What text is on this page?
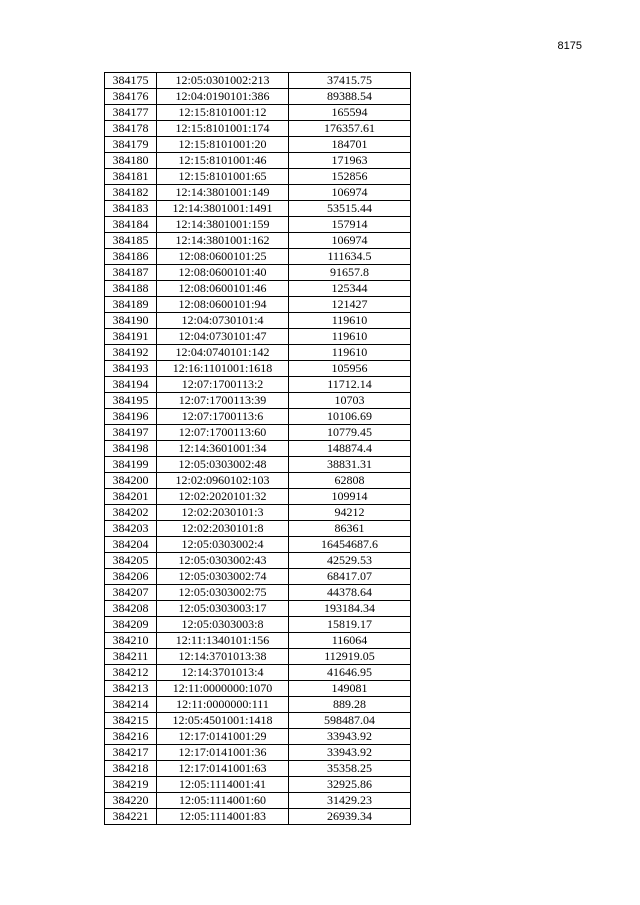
8175
384175	12:05:0301002:213	37415.75
384176	12:04:0190101:386	89388.54
384177	12:15:8101001:12	165594
384178	12:15:8101001:174	176357.61
384179	12:15:8101001:20	184701
384180	12:15:8101001:46	171963
384181	12:15:8101001:65	152856
384182	12:14:3801001:149	106974
384183	12:14:3801001:1491	53515.44
384184	12:14:3801001:159	157914
384185	12:14:3801001:162	106974
384186	12:08:0600101:25	111634.5
384187	12:08:0600101:40	91657.8
384188	12:08:0600101:46	125344
384189	12:08:0600101:94	121427
384190	12:04:0730101:4	119610
384191	12:04:0730101:47	119610
384192	12:04:0740101:142	119610
384193	12:16:1101001:1618	105956
384194	12:07:1700113:2	11712.14
384195	12:07:1700113:39	10703
384196	12:07:1700113:6	10106.69
384197	12:07:1700113:60	10779.45
384198	12:14:3601001:34	148874.4
384199	12:05:0303002:48	38831.31
384200	12:02:0960102:103	62808
384201	12:02:2020101:32	109914
384202	12:02:2030101:3	94212
384203	12:02:2030101:8	86361
384204	12:05:0303002:4	16454687.6
384205	12:05:0303002:43	42529.53
384206	12:05:0303002:74	68417.07
384207	12:05:0303002:75	44378.64
384208	12:05:0303003:17	193184.34
384209	12:05:0303003:8	15819.17
384210	12:11:1340101:156	116064
384211	12:14:3701013:38	112919.05
384212	12:14:3701013:4	41646.95
384213	12:11:0000000:1070	149081
384214	12:11:0000000:111	889.28
384215	12:05:4501001:1418	598487.04
384216	12:17:0141001:29	33943.92
384217	12:17:0141001:36	33943.92
384218	12:17:0141001:63	35358.25
384219	12:05:1114001:41	32925.86
384220	12:05:1114001:60	31429.23
384221	12:05:1114001:83	26939.34
